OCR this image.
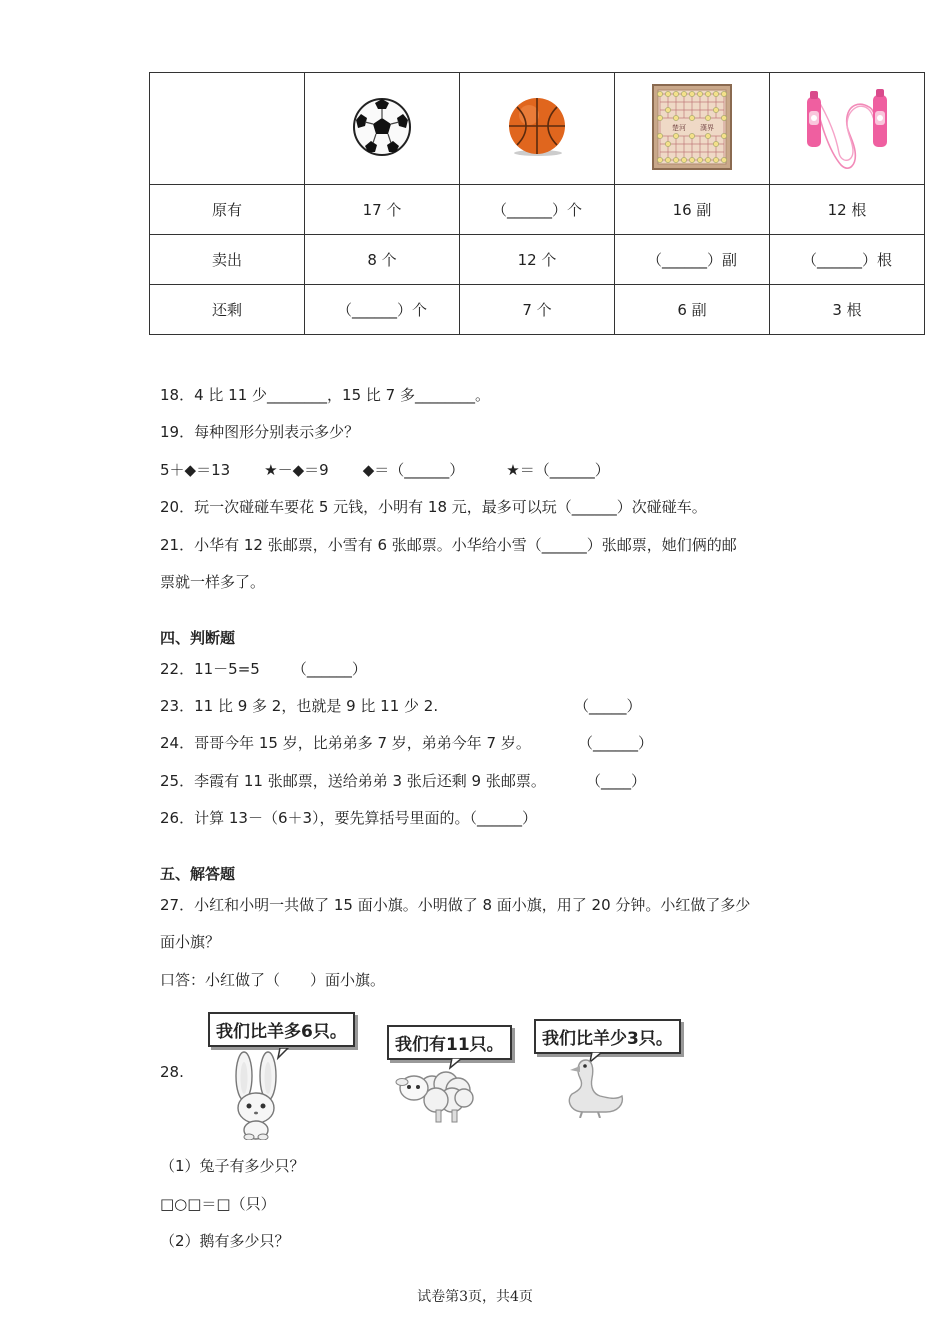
楚河 漢界

原有	17 个	（______）个	16 副	12 根
卖出	8 个	12 个	（______）副	（______）根
还剩	（______）个	7 个	6 副	3 根
18．4 比 11 少________，15 比 7 多________。
19．每种图形分别表示多少？
5＋◆＝13 ★－◆＝9 ◆＝（______）	★＝（______）
20．玩一次碰碰车要花 5 元钱，小明有 18 元，最多可以玩（______）次碰碰车。
21．小华有 12 张邮票，小雪有 6 张邮票。小华给小雪（______）张邮票，她们俩的邮
票就一样多了。
四、判断题
22．11－5=5 （______）
23．11 比 9 多 2，也就是 9 比 11 少 2.	（_____）
24．哥哥今年 15 岁，比弟弟多 7 岁，弟弟今年 7 岁。	（______）
25．李霞有 11 张邮票，送给弟弟 3 张后还剩 9 张邮票。	（____）
26．计算 13－（6＋3），要先算括号里面的。（______）
五、解答题
27．小红和小明一共做了 15 面小旗。小明做了 8 面小旗，用了 20 分钟。小红做了多少
面小旗？
口答：小红做了（　　）面小旗。
28.
我们比羊多6只。
我们有11只。	我们比羊少3只。
（1）兔子有多少只？
□○□＝□（只）
（2）鹅有多少只？
试卷第3页，共4页
